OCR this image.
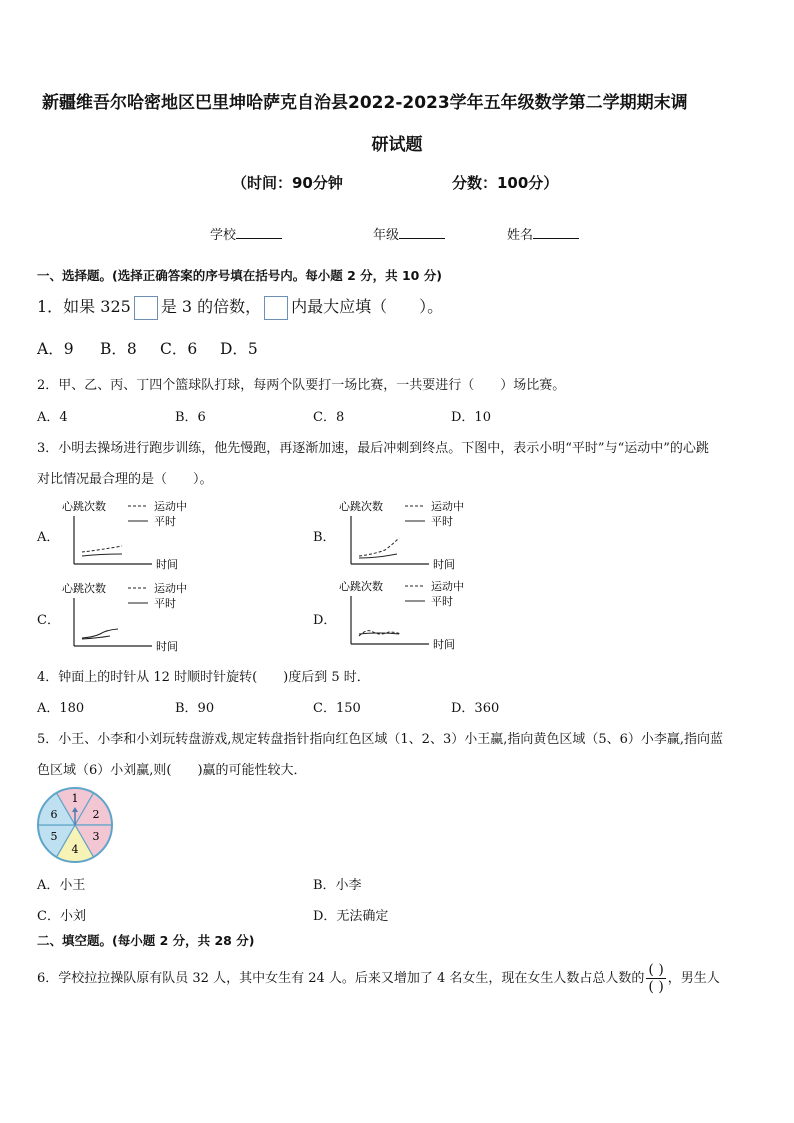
新疆维吾尔哈密地区巴里坤哈萨克自治县2022-2023学年五年级数学第二学期期末调
研试题
（时间：90分钟	分数：100分）
学校	年级	姓名
一、选择题。(选择正确答案的序号填在括号内。每小题 2 分，共 10 分)
1．如果 325 是 3 的倍数， 内最大应填（　　）。
A．9 B．8 C．6 D．5
2．甲、乙、丙、丁四个篮球队打球，每两个队要打一场比赛，一共要进行（　　）场比赛。
A．4	B．6	C．8	D．10
3．小明去操场进行跑步训练，他先慢跑，再逐渐加速，最后冲刺到终点。下图中，表示小明“平时”与“运动中”的心跳
对比情况最合理的是（　　）。
A．
心跳次数	运动中
平时
时间
B．
心跳次数	运动中
平时
时间
C．
心跳次数	运动中
平时
时间
D．
心跳次数	运动中
平时
时间
4．钟面上的时针从 12 时顺时针旋转(　　)度后到 5 时．
A．180	B．90	C．150	D．360
5．小王、小李和小刘玩转盘游戏,规定转盘指针指向红色区域（1、2、3）小王赢,指向黄色区域（5、6）小李赢,指向蓝
色区域（6）小刘赢,则(　　)赢的可能性较大．
1
2
3
4
5
6
A．小王	B．小李
C．小刘	D．无法确定
二、填空题。(每小题 2 分，共 28 分)
6．学校拉拉操队原有队员 32 人，其中女生有 24 人。后来又增加了 4 名女生，现在女生人数占总人数的 $\frac{( )}{( )}$ ，男生人
